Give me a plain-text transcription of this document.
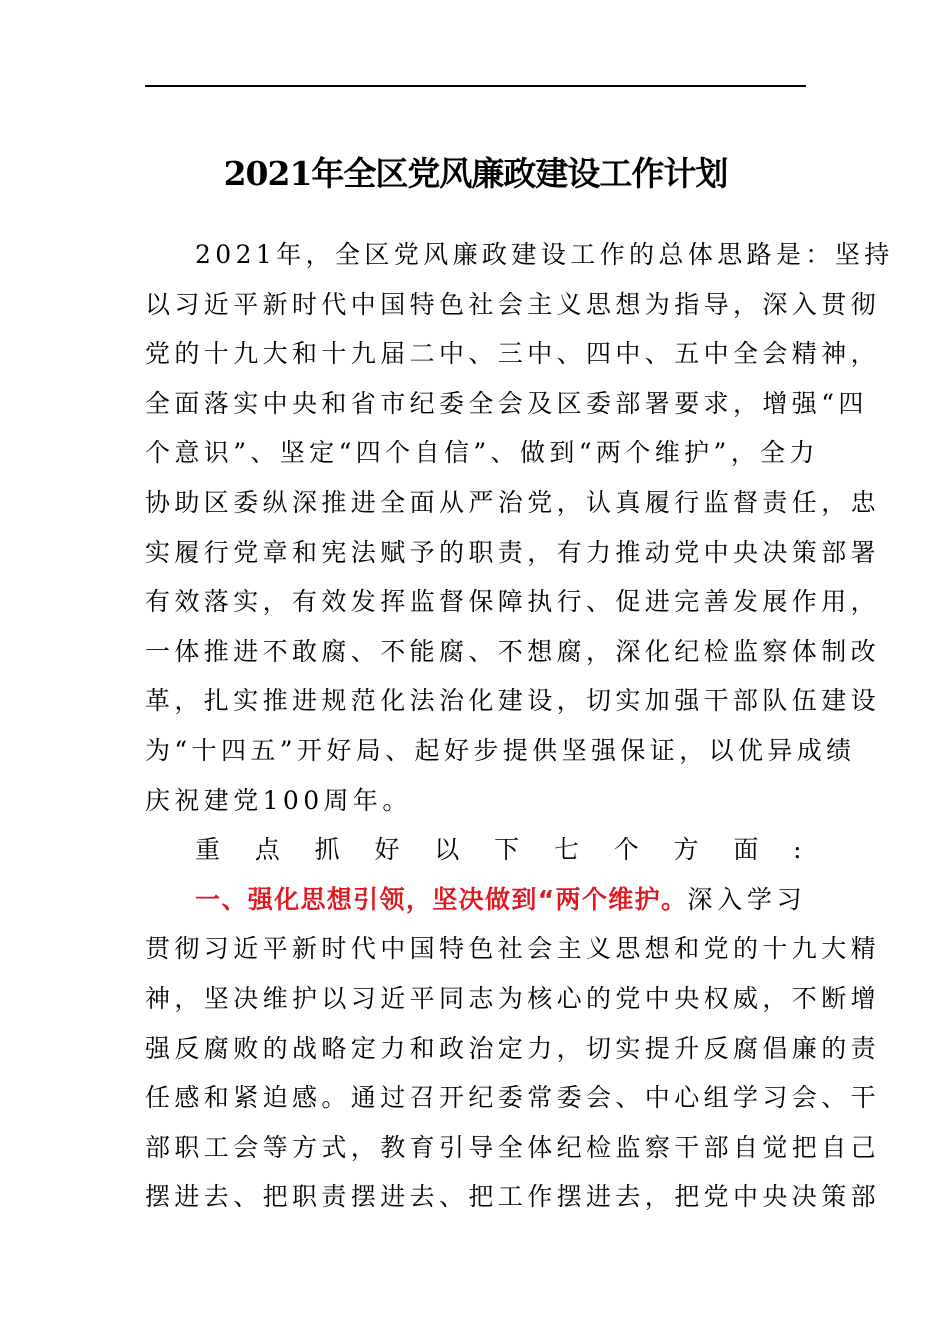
2021年全区党风廉政建设工作计划

2021年，全区党风廉政建设工作的总体思路是：坚持
以习近平新时代中国特色社会主义思想为指导，深入贯彻
党的十九大和十九届二中、三中、四中、五中全会精神，
全面落实中央和省市纪委全会及区委部署要求，增强“四
个意识”、坚定“四个自信”、做到“两个维护”，全力
协助区委纵深推进全面从严治党，认真履行监督责任，忠
实履行党章和宪法赋予的职责，有力推动党中央决策部署
有效落实，有效发挥监督保障执行、促进完善发展作用，
一体推进不敢腐、不能腐、不想腐，深化纪检监察体制改
革，扎实推进规范化法治化建设，切实加强干部队伍建设
为“十四五”开好局、起好步提供坚强保证，以优异成绩
庆祝建党100周年。

重点抓好以下七个方面:

一、强化思想引领，坚决做到“两个维护。深入学习
贯彻习近平新时代中国特色社会主义思想和党的十九大精
神，坚决维护以习近平同志为核心的党中央权威，不断增
强反腐败的战略定力和政治定力，切实提升反腐倡廉的责
任感和紧迫感。通过召开纪委常委会、中心组学习会、干
部职工会等方式，教育引导全体纪检监察干部自觉把自己
摆进去、把职责摆进去、把工作摆进去，把党中央决策部
